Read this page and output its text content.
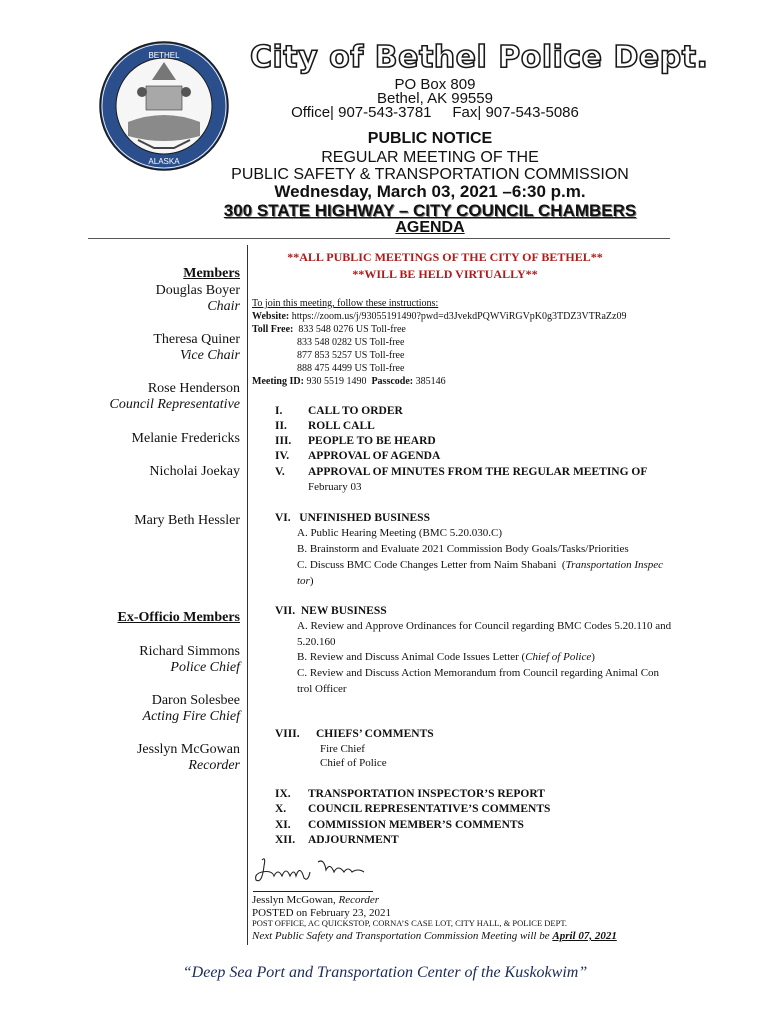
BETHEL
ALASKA
City of Bethel Police Dept.
PO Box 809
Bethel, AK 99559
Office| 907-543-3781 Fax| 907-543-5086
PUBLIC NOTICE
REGULAR MEETING OF THE
PUBLIC SAFETY & TRANSPORTATION COMMISSION
Wednesday, March 03, 2021 –6:30 p.m.
300 STATE HIGHWAY – CITY COUNCIL CHAMBERS
AGENDA
Members
Douglas Boyer
Chair
Theresa Quiner
Vice Chair
Rose Henderson
Council Representative
Melanie Fredericks
Nicholai Joekay
Mary Beth Hessler
Ex-Officio Members
Richard Simmons
Police Chief
Daron Solesbee
Acting Fire Chief
Jesslyn McGowan
Recorder
**ALL PUBLIC MEETINGS OF THE CITY OF BETHEL**
**WILL BE HELD VIRTUALLY**
To join this meeting, follow these instructions:
Website: https://zoom.us/j/93055191490?pwd=d3JvekdPQWViRGVpK0g3TDZ3VTRaZz09
Toll Free: 833 548 0276 US Toll-free
833 548 0282 US Toll-free
877 853 5257 US Toll-free
888 475 4499 US Toll-free
Meeting ID: 930 5519 1490 Passcode: 385146
I. CALL TO ORDER
II. ROLL CALL
III. PEOPLE TO BE HEARD
IV. APPROVAL OF AGENDA
V. APPROVAL OF MINUTES FROM THE REGULAR MEETING OF
February 03
VI.   UNFINISHED BUSINESS
A. Public Hearing Meeting (BMC 5.20.030.C)
B. Brainstorm and Evaluate 2021 Commission Body Goals/Tasks/Priorities
C. Discuss BMC Code Changes Letter from Naim Shabani  (Transportation Inspec
tor)
VII.  NEW BUSINESS
A. Review and Approve Ordinances for Council regarding BMC Codes 5.20.110 and
5.20.160
B. Review and Discuss Animal Code Issues Letter (Chief of Police)
C. Review and Discuss Action Memorandum from Council regarding Animal Con
trol Officer
VIII. CHIEFS’ COMMENTS
Fire Chief
Chief of Police
IX. TRANSPORTATION INSPECTOR’S REPORT
X. COUNCIL REPRESENTATIVE’S COMMENTS
XI. COMMISSION MEMBER’S COMMENTS
XII. ADJOURNMENT
Jesslyn McGowan, Recorder
POSTED on February 23, 2021
POST OFFICE, AC QUICKSTOP, CORNA’S CASE LOT, CITY HALL, & POLICE DEPT.
Next Public Safety and Transportation Commission Meeting will be April 07, 2021
“Deep Sea Port and Transportation Center of the Kuskokwim”
